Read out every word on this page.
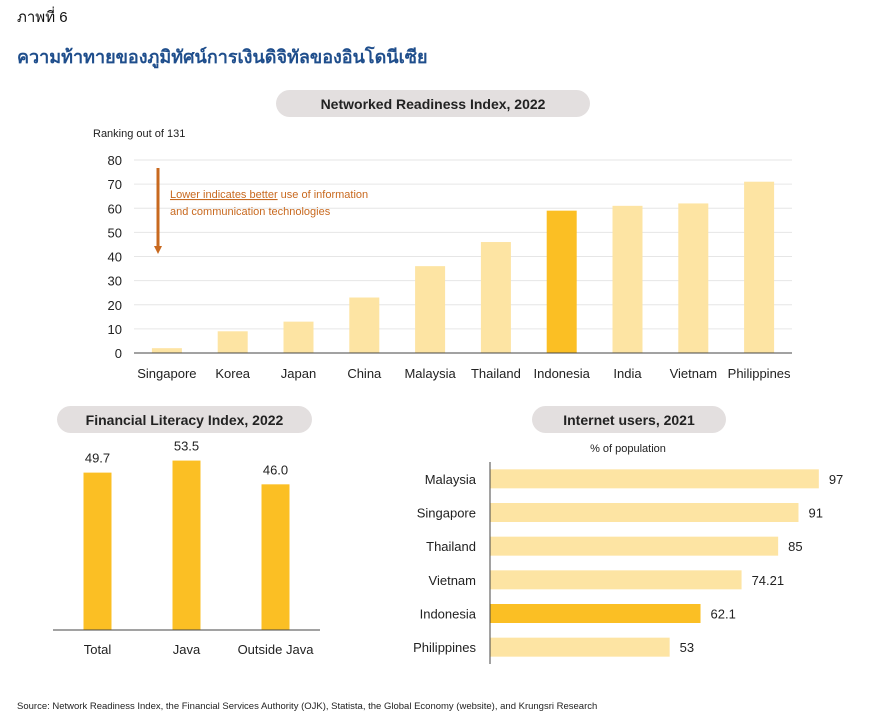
ภาพที่ 6
ความท้าทายของภูมิทัศน์การเงินดิจิทัลของอินโดนีเซีย
Networked Readiness Index, 2022
Financial Literacy Index, 2022	Internet users, 2021
Ranking out of 131
0
10
20
30
40
50
60
70
80
Singapore Korea Japan China Malaysia Thailand Indonesia India Vietnam Philippines
Lower indicates better use of information
and communication technologies
49.7
Total
53.5
Java
46.0
Outside Java
% of population
Malaysia	97
Singapore	91
Thailand	85
Vietnam	74.21
Indonesia	62.1
Philippines	53
Source: Network Readiness Index, the Financial Services Authority (OJK), Statista, the Global Economy (website), and Krungsri Research
